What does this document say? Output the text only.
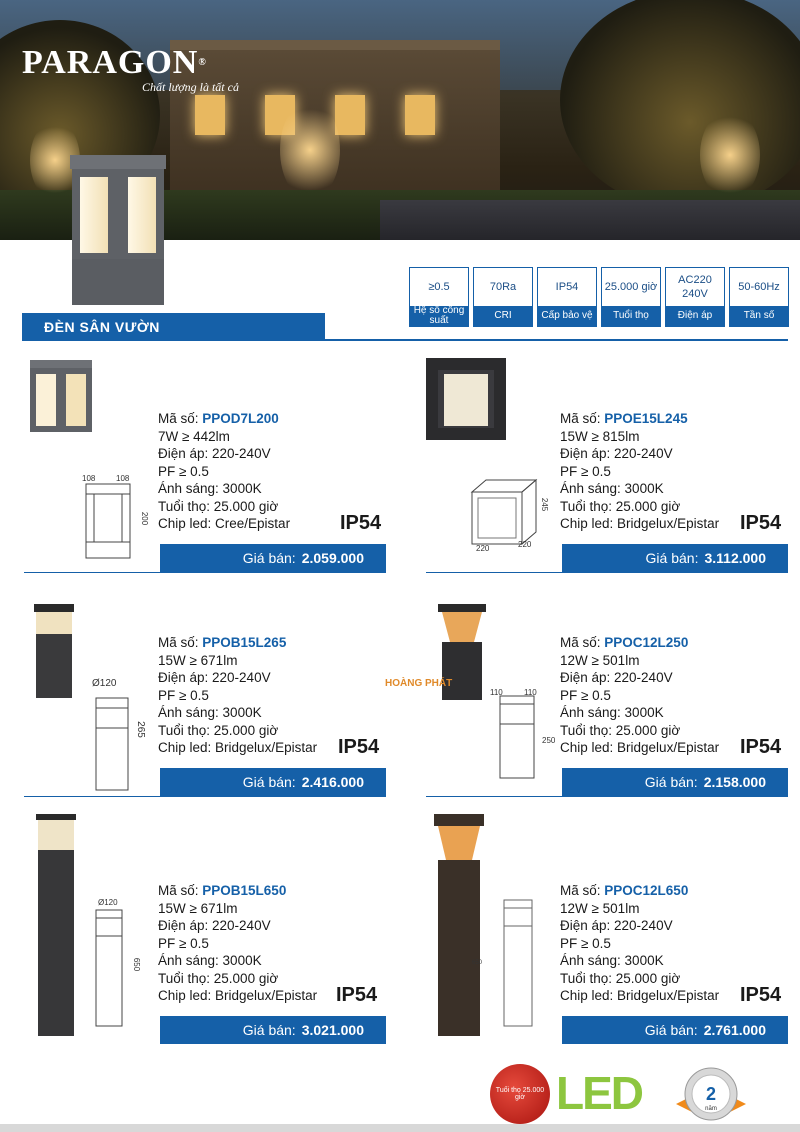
PARAGON®
Chất lượng là tất cả
≥0.5
Hệ số công suất
70Ra
CRI
IP54
Cấp bảo vệ
25.000 giờ
Tuổi thọ
AC220 240V
Điện áp
50-60Hz
Tần số
ĐÈN SÂN VƯỜN
108	108
200
Mã số: PPOD7L200
7W ≥ 442lm
Điện áp: 220-240V
PF ≥ 0.5
Ánh sáng: 3000K
Tuổi thọ: 25.000 giờ
Chip led: Cree/Epistar IP54
Giá bán: 2.059.000
220	220
245
Mã số: PPOE15L245
15W ≥ 815lm
Điện áp: 220-240V
PF ≥ 0.5
Ánh sáng: 3000K
Tuổi thọ: 25.000 giờ
Chip led: Bridgelux/Epistar IP54
Giá bán: 3.112.000
Ø120
265
Mã số: PPOB15L265
15W ≥ 671lm
Điện áp: 220-240V
PF ≥ 0.5
Ánh sáng: 3000K
Tuổi thọ: 25.000 giờ
Chip led: Bridgelux/Epistar IP54
Giá bán: 2.416.000
110	110
250
Mã số: PPOC12L250
12W ≥ 501lm
Điện áp: 220-240V
PF ≥ 0.5
Ánh sáng: 3000K
Tuổi thọ: 25.000 giờ
Chip led: Bridgelux/Epistar IP54
Giá bán: 2.158.000
HOÀNG PHÁT
Ø120
650
Mã số: PPOB15L650
15W ≥ 671lm
Điện áp: 220-240V
PF ≥ 0.5
Ánh sáng: 3000K
Tuổi thọ: 25.000 giờ
Chip led: Bridgelux/Epistar IP54
Giá bán: 3.021.000
650
Mã số: PPOC12L650
12W ≥ 501lm
Điện áp: 220-240V
PF ≥ 0.5
Ánh sáng: 3000K
Tuổi thọ: 25.000 giờ
Chip led: Bridgelux/Epistar IP54
Giá bán: 2.761.000
Tuổi thọ 25.000 giờ LED	2
năm
